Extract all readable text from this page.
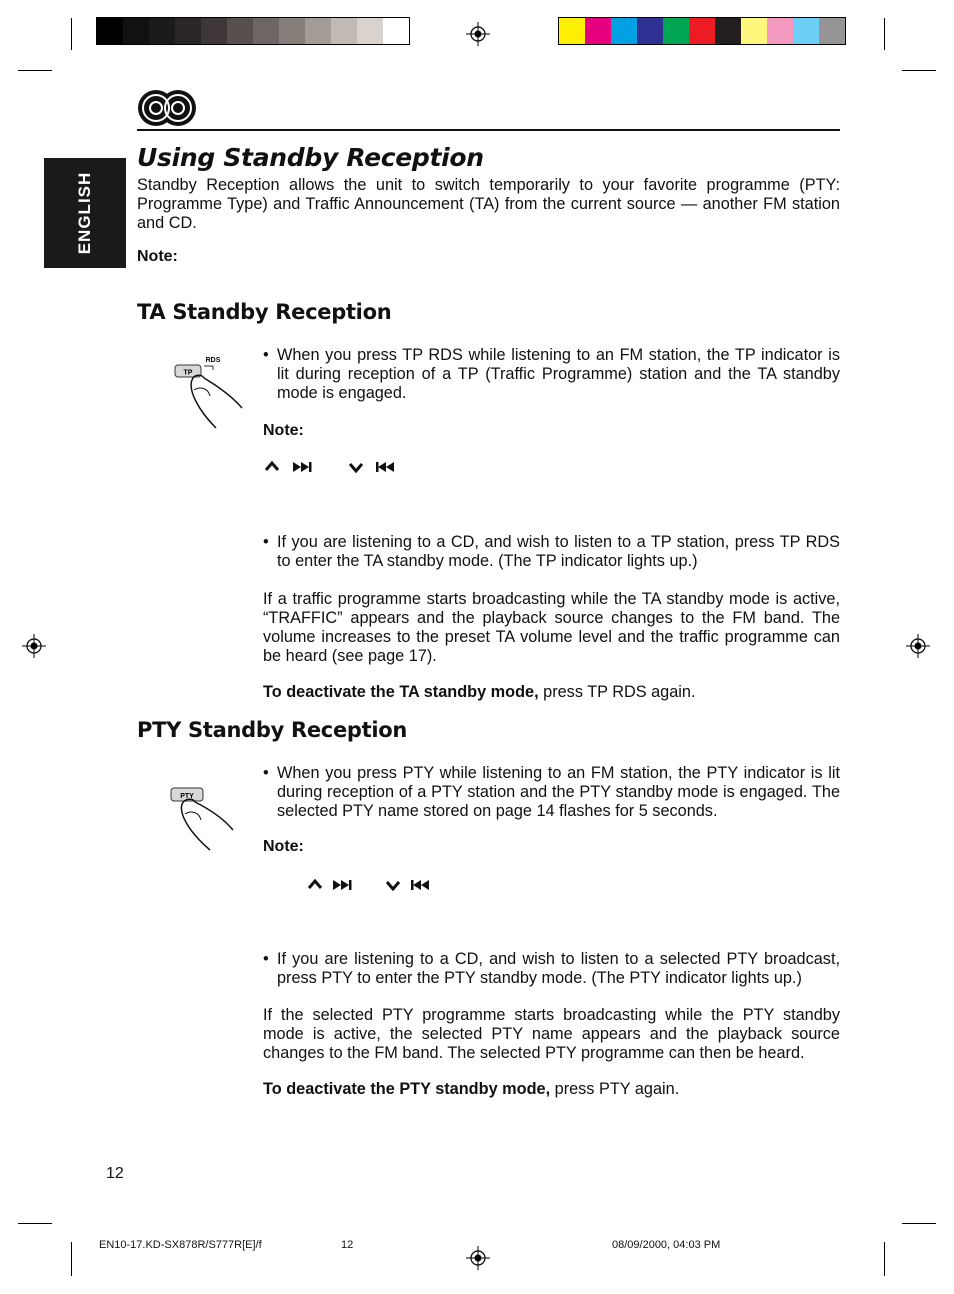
ENGLISH
Using Standby Reception

Standby Reception allows the unit to switch temporarily to your favorite programme (PTY: Programme Type) and Traffic Announcement (TA) from the current source — another FM station and CD.

Note:
TA Standby Reception
TP
RDS

•	When you press TP RDS while listening to an FM station, the TP indicator is lit during reception of a TP (Traffic Programme) station and the TA standby mode is engaged.

Note:

• If you are listening to a CD, and wish to listen to a TP station, press TP RDS to enter the TA standby mode. (The TP indicator lights up.)

If a traffic programme starts broadcasting while the TA standby mode is active, “TRAFFIC” appears and the playback source changes to the FM band. The volume increases to the preset TA volume level and the traffic programme can be heard (see page 17).

To deactivate the TA standby mode, press TP RDS again.

PTY Standby Reception
PTY

• When you press PTY while listening to an FM station, the PTY indicator is lit during reception of a PTY station and the PTY standby mode is engaged. The selected PTY name stored on page 14 flashes for 5 seconds.

Note:

• If you are listening to a CD, and wish to listen to a selected PTY broadcast, press PTY to enter the PTY standby mode. (The PTY indicator lights up.)

If the selected PTY programme starts broadcasting while the PTY standby mode is active, the selected PTY name appears and the playback source changes to the FM band. The selected PTY programme can then be heard.

To deactivate the PTY standby mode, press PTY again.

12
EN10-17.KD-SX878R/S777R[E]/f	12	08/09/2000, 04:03 PM
